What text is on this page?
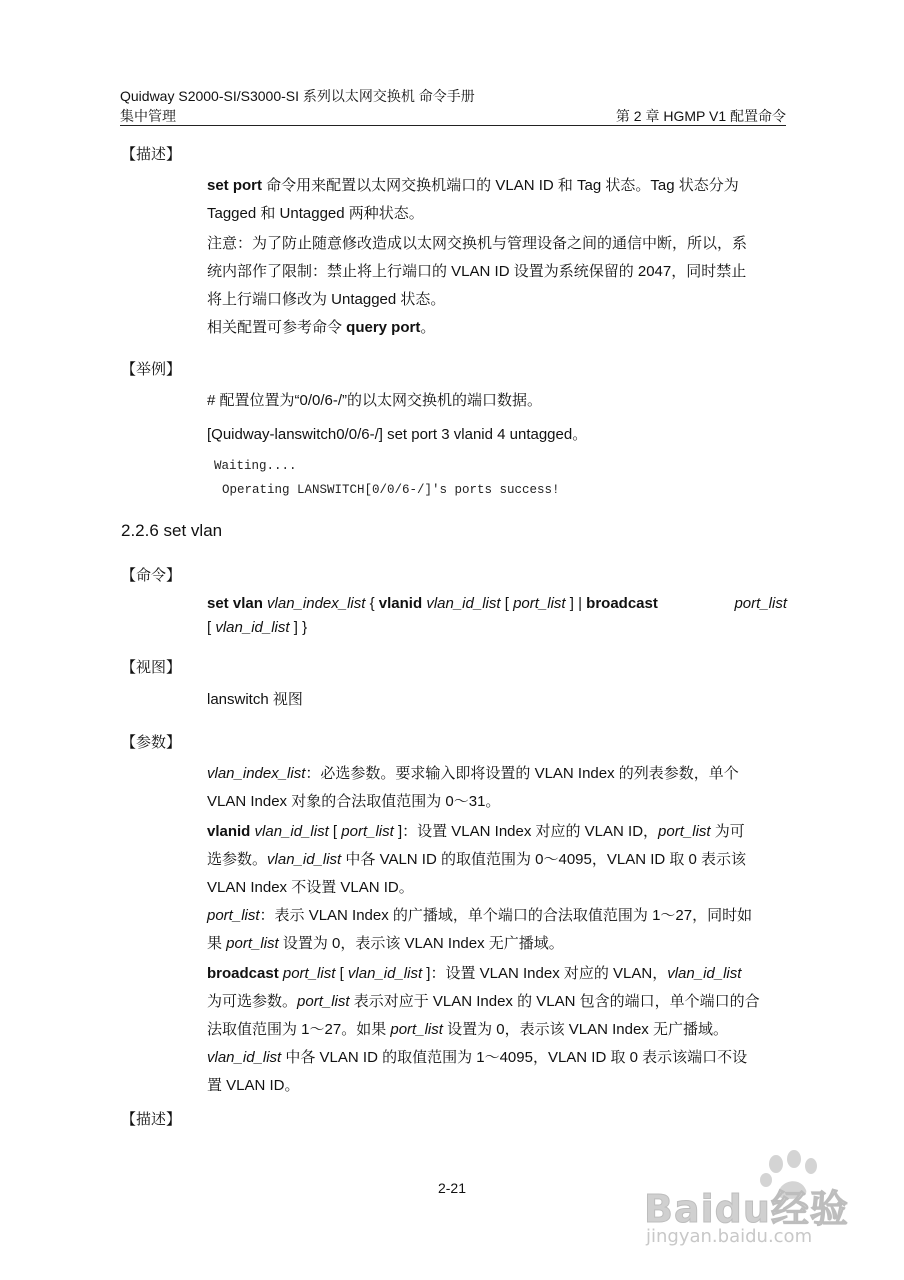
Quidway S2000-SI/S3000-SI 系列以太网交换机 命令手册
集中管理	第 2 章 HGMP V1 配置命令
【描述】
set port 命令用来配置以太网交换机端口的 VLAN ID 和 Tag 状态。Tag 状态分为
Tagged 和 Untagged 两种状态。
注意：为了防止随意修改造成以太网交换机与管理设备之间的通信中断，所以，系
统内部作了限制：禁止将上行端口的 VLAN ID 设置为系统保留的 2047，同时禁止
将上行端口修改为 Untagged 状态。
相关配置可参考命令 query port。
【举例】
# 配置位置为“0/0/6-/”的以太网交换机的端口数据。
[Quidway-lanswitch0/0/6-/] set port 3 vlanid 4 untagged。
Waiting....
Operating LANSWITCH[0/0/6-/]'s ports success!
2.2.6 set vlan
【命令】
set vlan vlan_index_list { vlanid vlan_id_list [ port_list ] | broadcast	port_list
[ vlan_id_list ] }
【视图】
lanswitch 视图
【参数】
vlan_index_list：必选参数。要求输入即将设置的 VLAN Index 的列表参数，单个
VLAN Index 对象的合法取值范围为 0～31。
vlanid vlan_id_list [ port_list ]：设置 VLAN Index 对应的 VLAN ID，port_list 为可
选参数。vlan_id_list 中各 VALN ID 的取值范围为 0～4095，VLAN ID 取 0 表示该
VLAN Index 不设置 VLAN ID。
port_list：表示 VLAN Index 的广播域，单个端口的合法取值范围为 1～27，同时如
果 port_list 设置为 0，表示该 VLAN Index 无广播域。
broadcast port_list [ vlan_id_list ]：设置 VLAN Index 对应的 VLAN，vlan_id_list
为可选参数。port_list 表示对应于 VLAN Index 的 VLAN 包含的端口，单个端口的合
法取值范围为 1～27。如果 port_list 设置为 0，表示该 VLAN Index 无广播域。
vlan_id_list 中各 VLAN ID 的取值范围为 1～4095，VLAN ID 取 0 表示该端口不设
置 VLAN ID。
【描述】
2-21	Baidu经验
jingyan.baidu.com
